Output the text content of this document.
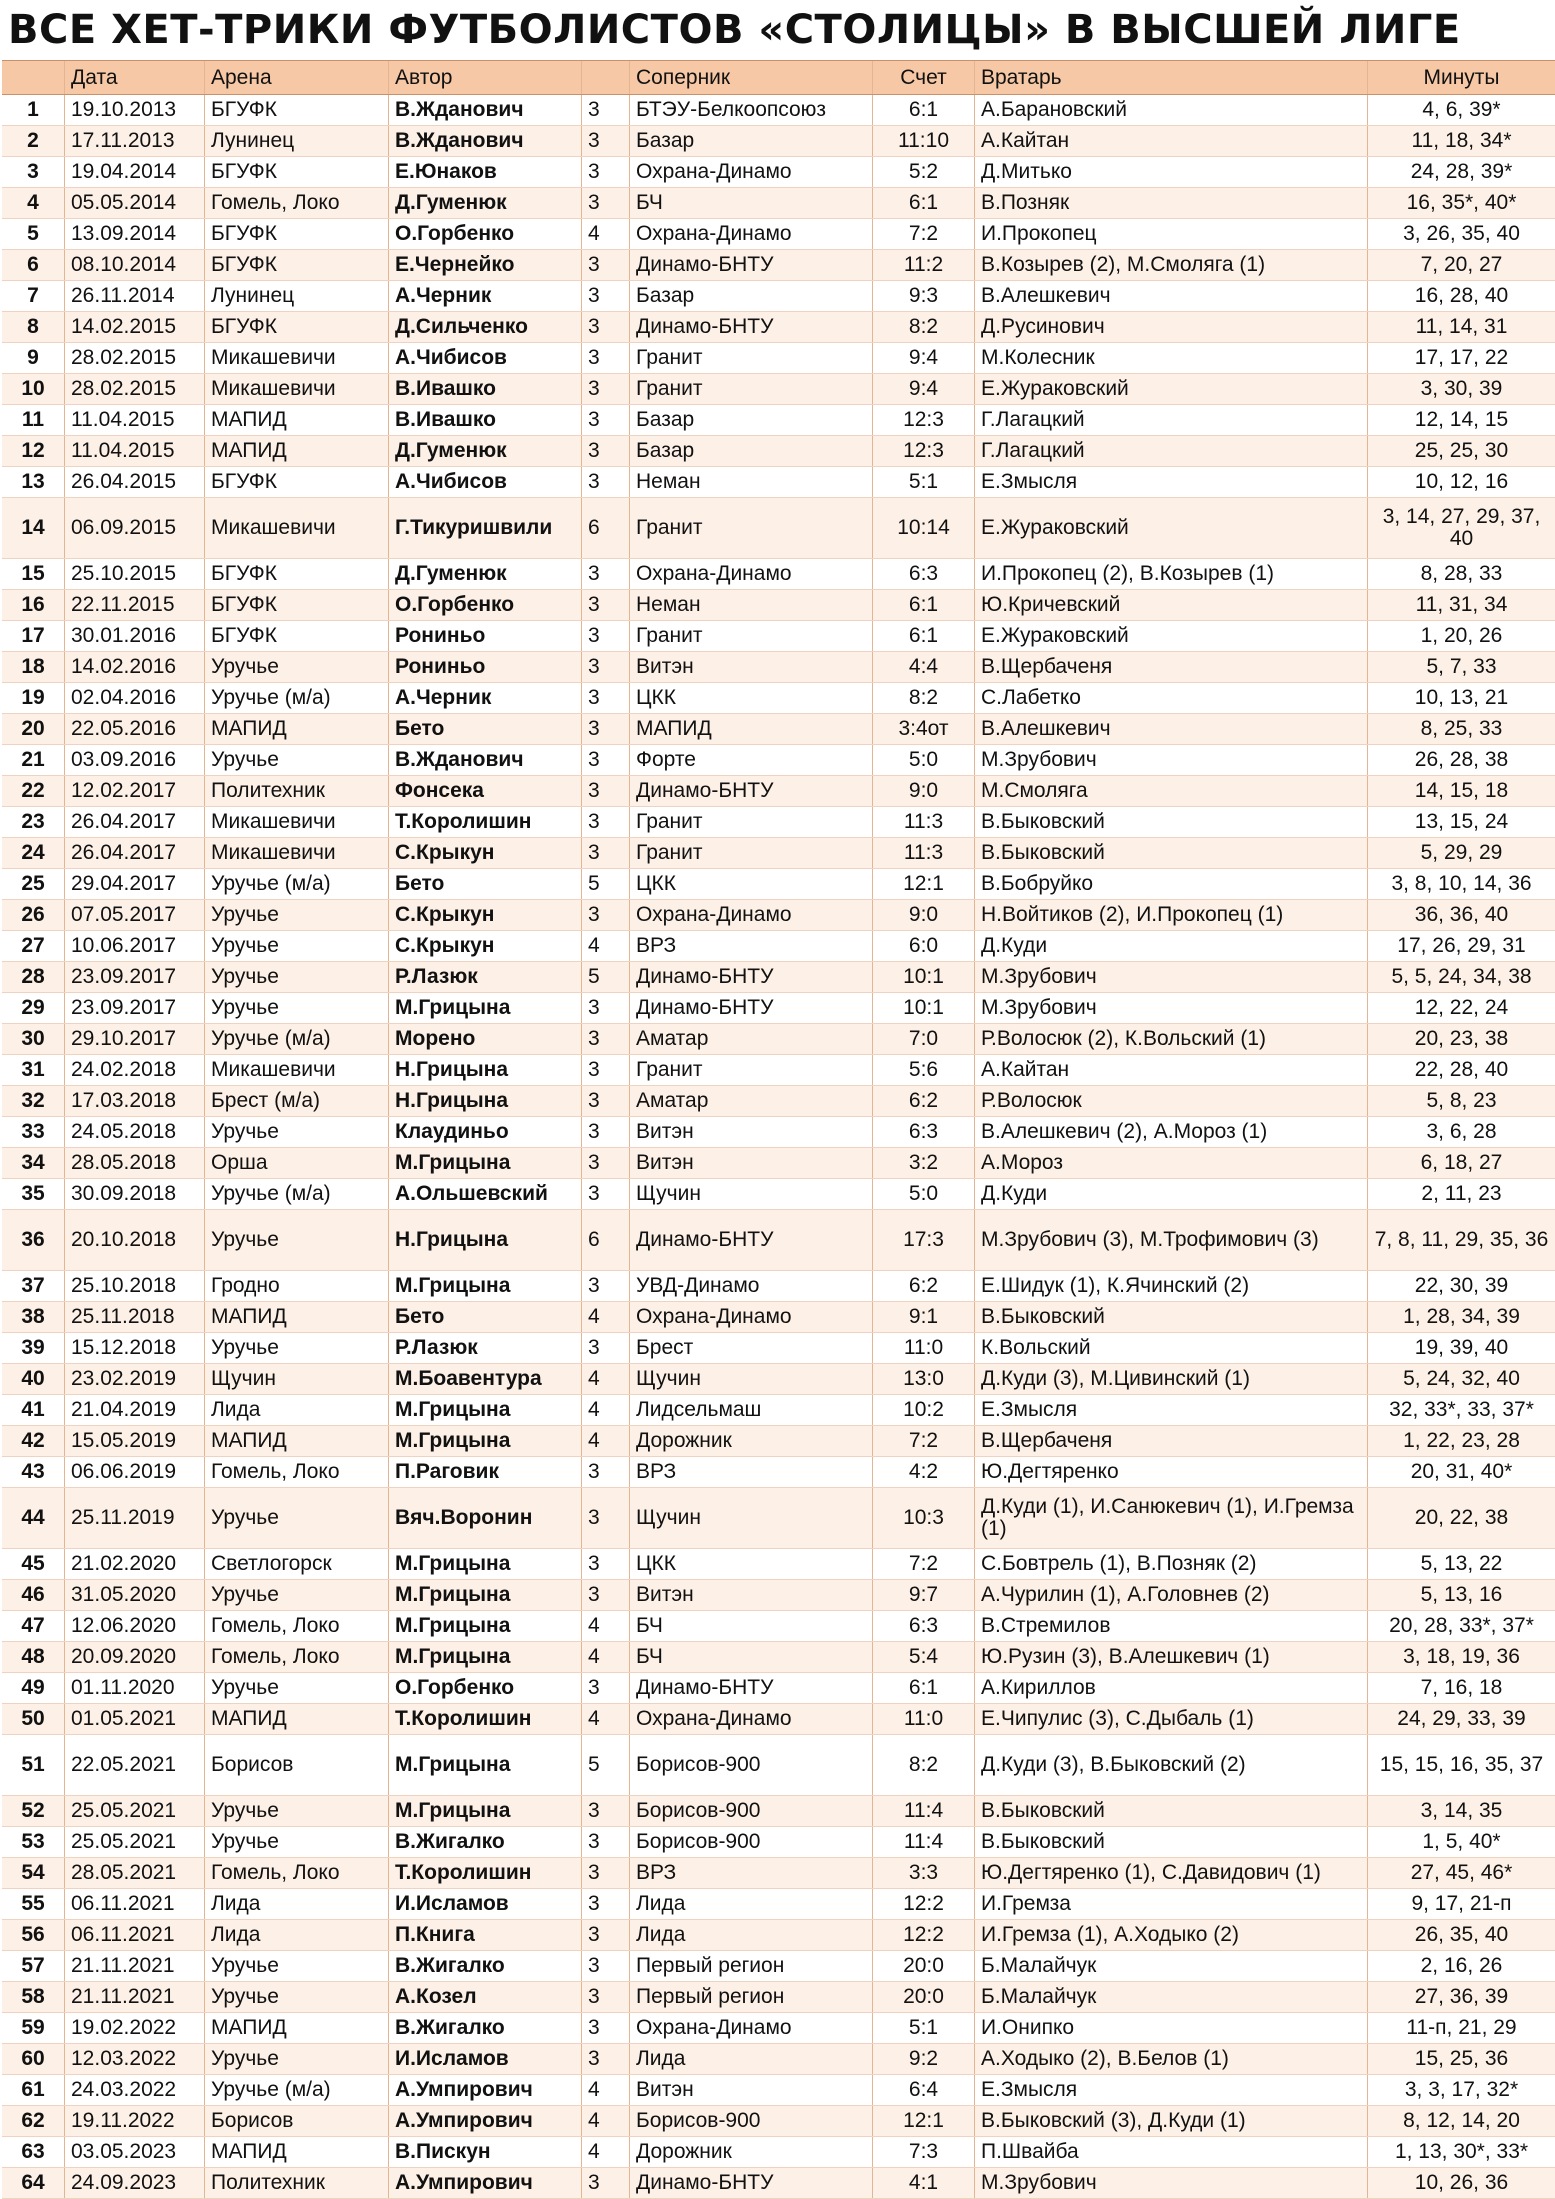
ВСЕ ХЕТ-ТРИКИ ФУТБОЛИСТОВ «СТОЛИЦЫ» В ВЫСШЕЙ ЛИГЕ
	Дата	Арена	Автор		Соперник	Счет	Вратарь	Минуты
1	19.10.2013	БГУФК	В.Жданович	3	БТЭУ-Белкоопсоюз	6:1	А.Барановский	4, 6, 39*
2	17.11.2013	Лунинец	В.Жданович	3	Базар	11:10	А.Кайтан	11, 18, 34*
3	19.04.2014	БГУФК	Е.Юнаков	3	Охрана-Динамо	5:2	Д.Митько	24, 28, 39*
4	05.05.2014	Гомель, Локо	Д.Гуменюк	3	БЧ	6:1	В.Позняк	16, 35*, 40*
5	13.09.2014	БГУФК	О.Горбенко	4	Охрана-Динамо	7:2	И.Прокопец	3, 26, 35, 40
6	08.10.2014	БГУФК	Е.Чернейко	3	Динамо-БНТУ	11:2	В.Козырев (2), М.Смоляга (1)	7, 20, 27
7	26.11.2014	Лунинец	А.Черник	3	Базар	9:3	В.Алешкевич	16, 28, 40
8	14.02.2015	БГУФК	Д.Сильченко	3	Динамо-БНТУ	8:2	Д.Русинович	11, 14, 31
9	28.02.2015	Микашевичи	А.Чибисов	3	Гранит	9:4	М.Колесник	17, 17, 22
10	28.02.2015	Микашевичи	В.Ивашко	3	Гранит	9:4	Е.Жураковский	3, 30, 39
11	11.04.2015	МАПИД	В.Ивашко	3	Базар	12:3	Г.Лагацкий	12, 14, 15
12	11.04.2015	МАПИД	Д.Гуменюк	3	Базар	12:3	Г.Лагацкий	25, 25, 30
13	26.04.2015	БГУФК	А.Чибисов	3	Неман	5:1	Е.Змысля	10, 12, 16
14	06.09.2015	Микашевичи	Г.Тикуришвили	6	Гранит	10:14	Е.Жураковский	3, 14, 27, 29, 37, 40
15	25.10.2015	БГУФК	Д.Гуменюк	3	Охрана-Динамо	6:3	И.Прокопец (2), В.Козырев (1)	8, 28, 33
16	22.11.2015	БГУФК	О.Горбенко	3	Неман	6:1	Ю.Кричевский	11, 31, 34
17	30.01.2016	БГУФК	Рониньо	3	Гранит	6:1	Е.Жураковский	1, 20, 26
18	14.02.2016	Уручье	Рониньо	3	Витэн	4:4	В.Щербаченя	5, 7, 33
19	02.04.2016	Уручье (м/а)	А.Черник	3	ЦКК	8:2	С.Лабетко	10, 13, 21
20	22.05.2016	МАПИД	Бето	3	МАПИД	3:4от	В.Алешкевич	8, 25, 33
21	03.09.2016	Уручье	В.Жданович	3	Форте	5:0	М.Зрубович	26, 28, 38
22	12.02.2017	Политехник	Фонсека	3	Динамо-БНТУ	9:0	М.Смоляга	14, 15, 18
23	26.04.2017	Микашевичи	Т.Королишин	3	Гранит	11:3	В.Быковский	13, 15, 24
24	26.04.2017	Микашевичи	С.Крыкун	3	Гранит	11:3	В.Быковский	5, 29, 29
25	29.04.2017	Уручье (м/а)	Бето	5	ЦКК	12:1	В.Бобруйко	3, 8, 10, 14, 36
26	07.05.2017	Уручье	С.Крыкун	3	Охрана-Динамо	9:0	Н.Войтиков (2), И.Прокопец (1)	36, 36, 40
27	10.06.2017	Уручье	С.Крыкун	4	ВРЗ	6:0	Д.Куди	17, 26, 29, 31
28	23.09.2017	Уручье	Р.Лазюк	5	Динамо-БНТУ	10:1	М.Зрубович	5, 5, 24, 34, 38
29	23.09.2017	Уручье	М.Грицына	3	Динамо-БНТУ	10:1	М.Зрубович	12, 22, 24
30	29.10.2017	Уручье (м/а)	Морено	3	Аматар	7:0	Р.Волосюк (2), К.Вольский (1)	20, 23, 38
31	24.02.2018	Микашевичи	Н.Грицына	3	Гранит	5:6	А.Кайтан	22, 28, 40
32	17.03.2018	Брест (м/а)	Н.Грицына	3	Аматар	6:2	Р.Волосюк	5, 8, 23
33	24.05.2018	Уручье	Клаудиньо	3	Витэн	6:3	В.Алешкевич (2), А.Мороз (1)	3, 6, 28
34	28.05.2018	Орша	М.Грицына	3	Витэн	3:2	А.Мороз	6, 18, 27
35	30.09.2018	Уручье (м/а)	А.Ольшевский	3	Щучин	5:0	Д.Куди	2, 11, 23
36	20.10.2018	Уручье	Н.Грицына	6	Динамо-БНТУ	17:3	М.Зрубович (3), М.Трофимович (3)	7, 8, 11, 29, 35, 36
37	25.10.2018	Гродно	М.Грицына	3	УВД-Динамо	6:2	Е.Шидук (1), К.Ячинский (2)	22, 30, 39
38	25.11.2018	МАПИД	Бето	4	Охрана-Динамо	9:1	В.Быковский	1, 28, 34, 39
39	15.12.2018	Уручье	Р.Лазюк	3	Брест	11:0	К.Вольский	19, 39, 40
40	23.02.2019	Щучин	М.Боавентура	4	Щучин	13:0	Д.Куди (3), М.Цивинский (1)	5, 24, 32, 40
41	21.04.2019	Лида	М.Грицына	4	Лидсельмаш	10:2	Е.Змысля	32, 33*, 33, 37*
42	15.05.2019	МАПИД	М.Грицына	4	Дорожник	7:2	В.Щербаченя	1, 22, 23, 28
43	06.06.2019	Гомель, Локо	П.Раговик	3	ВРЗ	4:2	Ю.Дегтяренко	20, 31, 40*
44	25.11.2019	Уручье	Вяч.Воронин	3	Щучин	10:3	Д.Куди (1), И.Санюкевич (1), И.Гремза (1)	20, 22, 38
45	21.02.2020	Светлогорск	М.Грицына	3	ЦКК	7:2	С.Бовтрель (1), В.Позняк (2)	5, 13, 22
46	31.05.2020	Уручье	М.Грицына	3	Витэн	9:7	А.Чурилин (1), А.Головнев (2)	5, 13, 16
47	12.06.2020	Гомель, Локо	М.Грицына	4	БЧ	6:3	В.Стремилов	20, 28, 33*, 37*
48	20.09.2020	Гомель, Локо	М.Грицына	4	БЧ	5:4	Ю.Рузин (3), В.Алешкевич (1)	3, 18, 19, 36
49	01.11.2020	Уручье	О.Горбенко	3	Динамо-БНТУ	6:1	А.Кириллов	7, 16, 18
50	01.05.2021	МАПИД	Т.Королишин	4	Охрана-Динамо	11:0	Е.Чипулис (3), С.Дыбаль (1)	24, 29, 33, 39
51	22.05.2021	Борисов	М.Грицына	5	Борисов-900	8:2	Д.Куди (3), В.Быковский (2)	15, 15, 16, 35, 37
52	25.05.2021	Уручье	М.Грицына	3	Борисов-900	11:4	В.Быковский	3, 14, 35
53	25.05.2021	Уручье	В.Жигалко	3	Борисов-900	11:4	В.Быковский	1, 5, 40*
54	28.05.2021	Гомель, Локо	Т.Королишин	3	ВРЗ	3:3	Ю.Дегтяренко (1), С.Давидович (1)	27, 45, 46*
55	06.11.2021	Лида	И.Исламов	3	Лида	12:2	И.Гремза	9, 17, 21-п
56	06.11.2021	Лида	П.Книга	3	Лида	12:2	И.Гремза (1), А.Ходыко (2)	26, 35, 40
57	21.11.2021	Уручье	В.Жигалко	3	Первый регион	20:0	Б.Малайчук	2, 16, 26
58	21.11.2021	Уручье	А.Козел	3	Первый регион	20:0	Б.Малайчук	27, 36, 39
59	19.02.2022	МАПИД	В.Жигалко	3	Охрана-Динамо	5:1	И.Онипко	11-п, 21, 29
60	12.03.2022	Уручье	И.Исламов	3	Лида	9:2	А.Ходыко (2), В.Белов (1)	15, 25, 36
61	24.03.2022	Уручье (м/а)	А.Умпирович	4	Витэн	6:4	Е.Змысля	3, 3, 17, 32*
62	19.11.2022	Борисов	А.Умпирович	4	Борисов-900	12:1	В.Быковский (3), Д.Куди (1)	8, 12, 14, 20
63	03.05.2023	МАПИД	В.Пискун	4	Дорожник	7:3	П.Швайба	1, 13, 30*, 33*
64	24.09.2023	Политехник	А.Умпирович	3	Динамо-БНТУ	4:1	М.Зрубович	10, 26, 36
